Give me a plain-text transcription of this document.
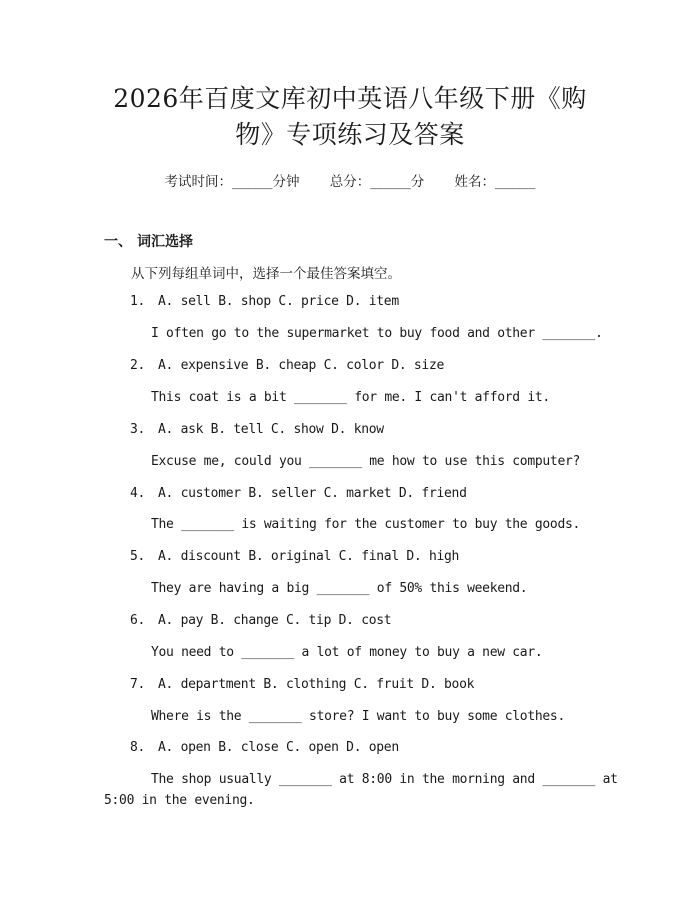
2026年百度文库初中英语八年级下册《购
物》专项练习及答案
考试时间：______分钟 总分：______分 姓名：______
一、 词汇选择
从下列每组单词中，选择一个最佳答案填空。
1. A. sell B. shop C. price D. item
I often go to the supermarket to buy food and other _______.
2. A. expensive B. cheap C. color D. size
This coat is a bit _______ for me. I can't afford it.
3. A. ask B. tell C. show D. know
Excuse me, could you _______ me how to use this computer?
4. A. customer B. seller C. market D. friend
The _______ is waiting for the customer to buy the goods.
5. A. discount B. original C. final D. high
They are having a big _______ of 50% this weekend.
6. A. pay B. change C. tip D. cost
You need to _______ a lot of money to buy a new car.
7. A. department B. clothing C. fruit D. book
Where is the _______ store? I want to buy some clothes.
8. A. open B. close C. open D. open
The shop usually _______ at 8:00 in the morning and _______ at
5:00 in the evening.
